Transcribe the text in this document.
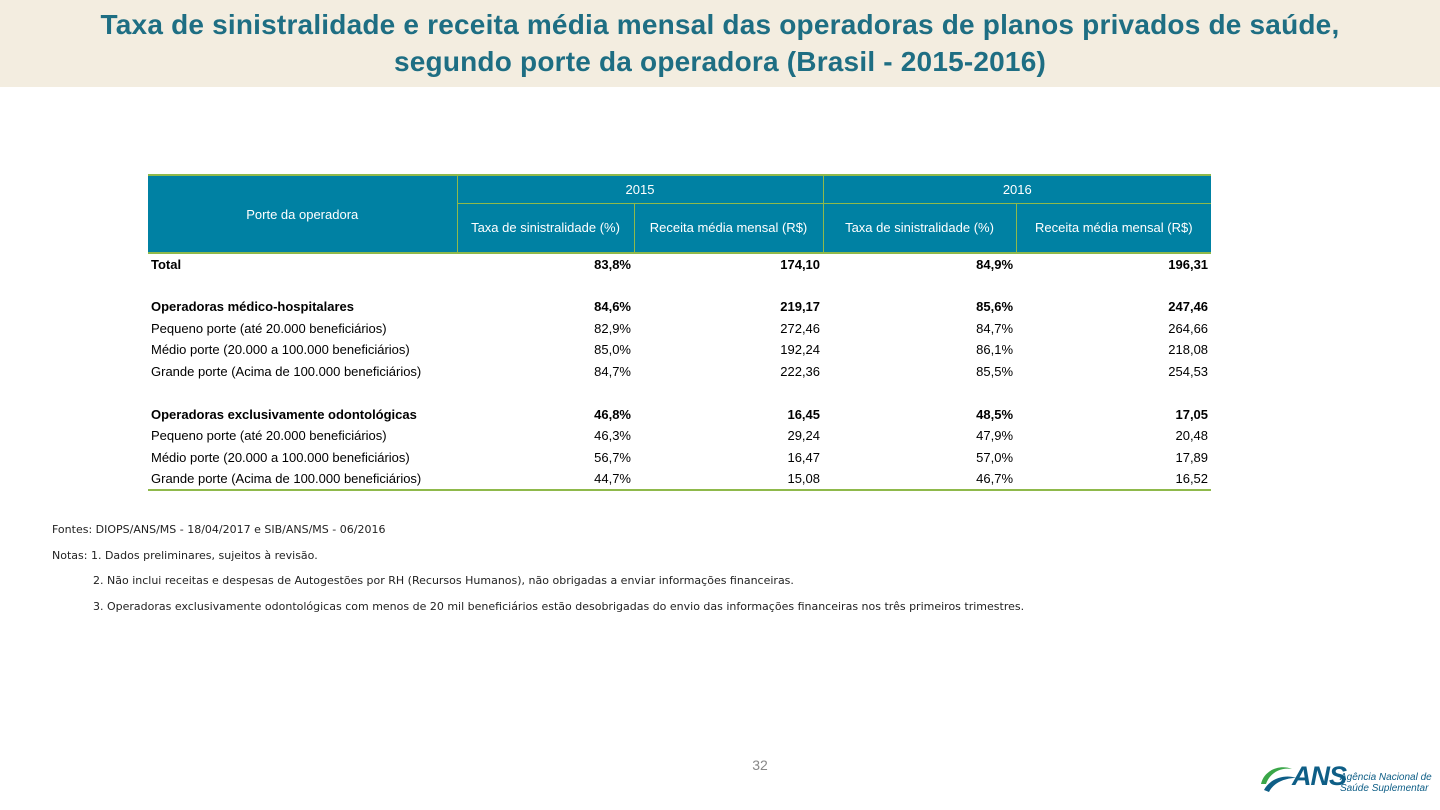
Taxa de sinistralidade e receita média mensal das operadoras de planos privados de saúde,
segundo porte da operadora (Brasil - 2015-2016)
Porte da operadora	2015		2016	
	Taxa de sinistralidade (%)	Receita média mensal (R$)	Taxa de sinistralidade (%)	Receita média mensal (R$)
Total	83,8%	174,10	84,9%	196,31

Operadoras médico-hospitalares	84,6%	219,17	85,6%	247,46
Pequeno porte (até 20.000 beneficiários)	82,9%	272,46	84,7%	264,66
Médio porte (20.000 a 100.000 beneficiários)	85,0%	192,24	86,1%	218,08
Grande porte (Acima de 100.000 beneficiários)	84,7%	222,36	85,5%	254,53

Operadoras exclusivamente odontológicas	46,8%	16,45	48,5%	17,05
Pequeno porte (até 20.000 beneficiários)	46,3%	29,24	47,9%	20,48
Médio porte (20.000 a 100.000 beneficiários)	56,7%	16,47	57,0%	17,89
Grande porte (Acima de 100.000 beneficiários)	44,7%	15,08	46,7%	16,52
Fontes: DIOPS/ANS/MS - 18/04/2017 e SIB/ANS/MS - 06/2016
Notas: 1. Dados preliminares, sujeitos à revisão.
2. Não inclui receitas e despesas de Autogestões por RH (Recursos Humanos), não obrigadas a enviar informações financeiras.
3. Operadoras exclusivamente odontológicas com menos de 20 mil beneficiários estão desobrigadas do envio das informações financeiras nos três primeiros trimestres.
32	ANS
Agência Nacional de
Saúde Suplementar
